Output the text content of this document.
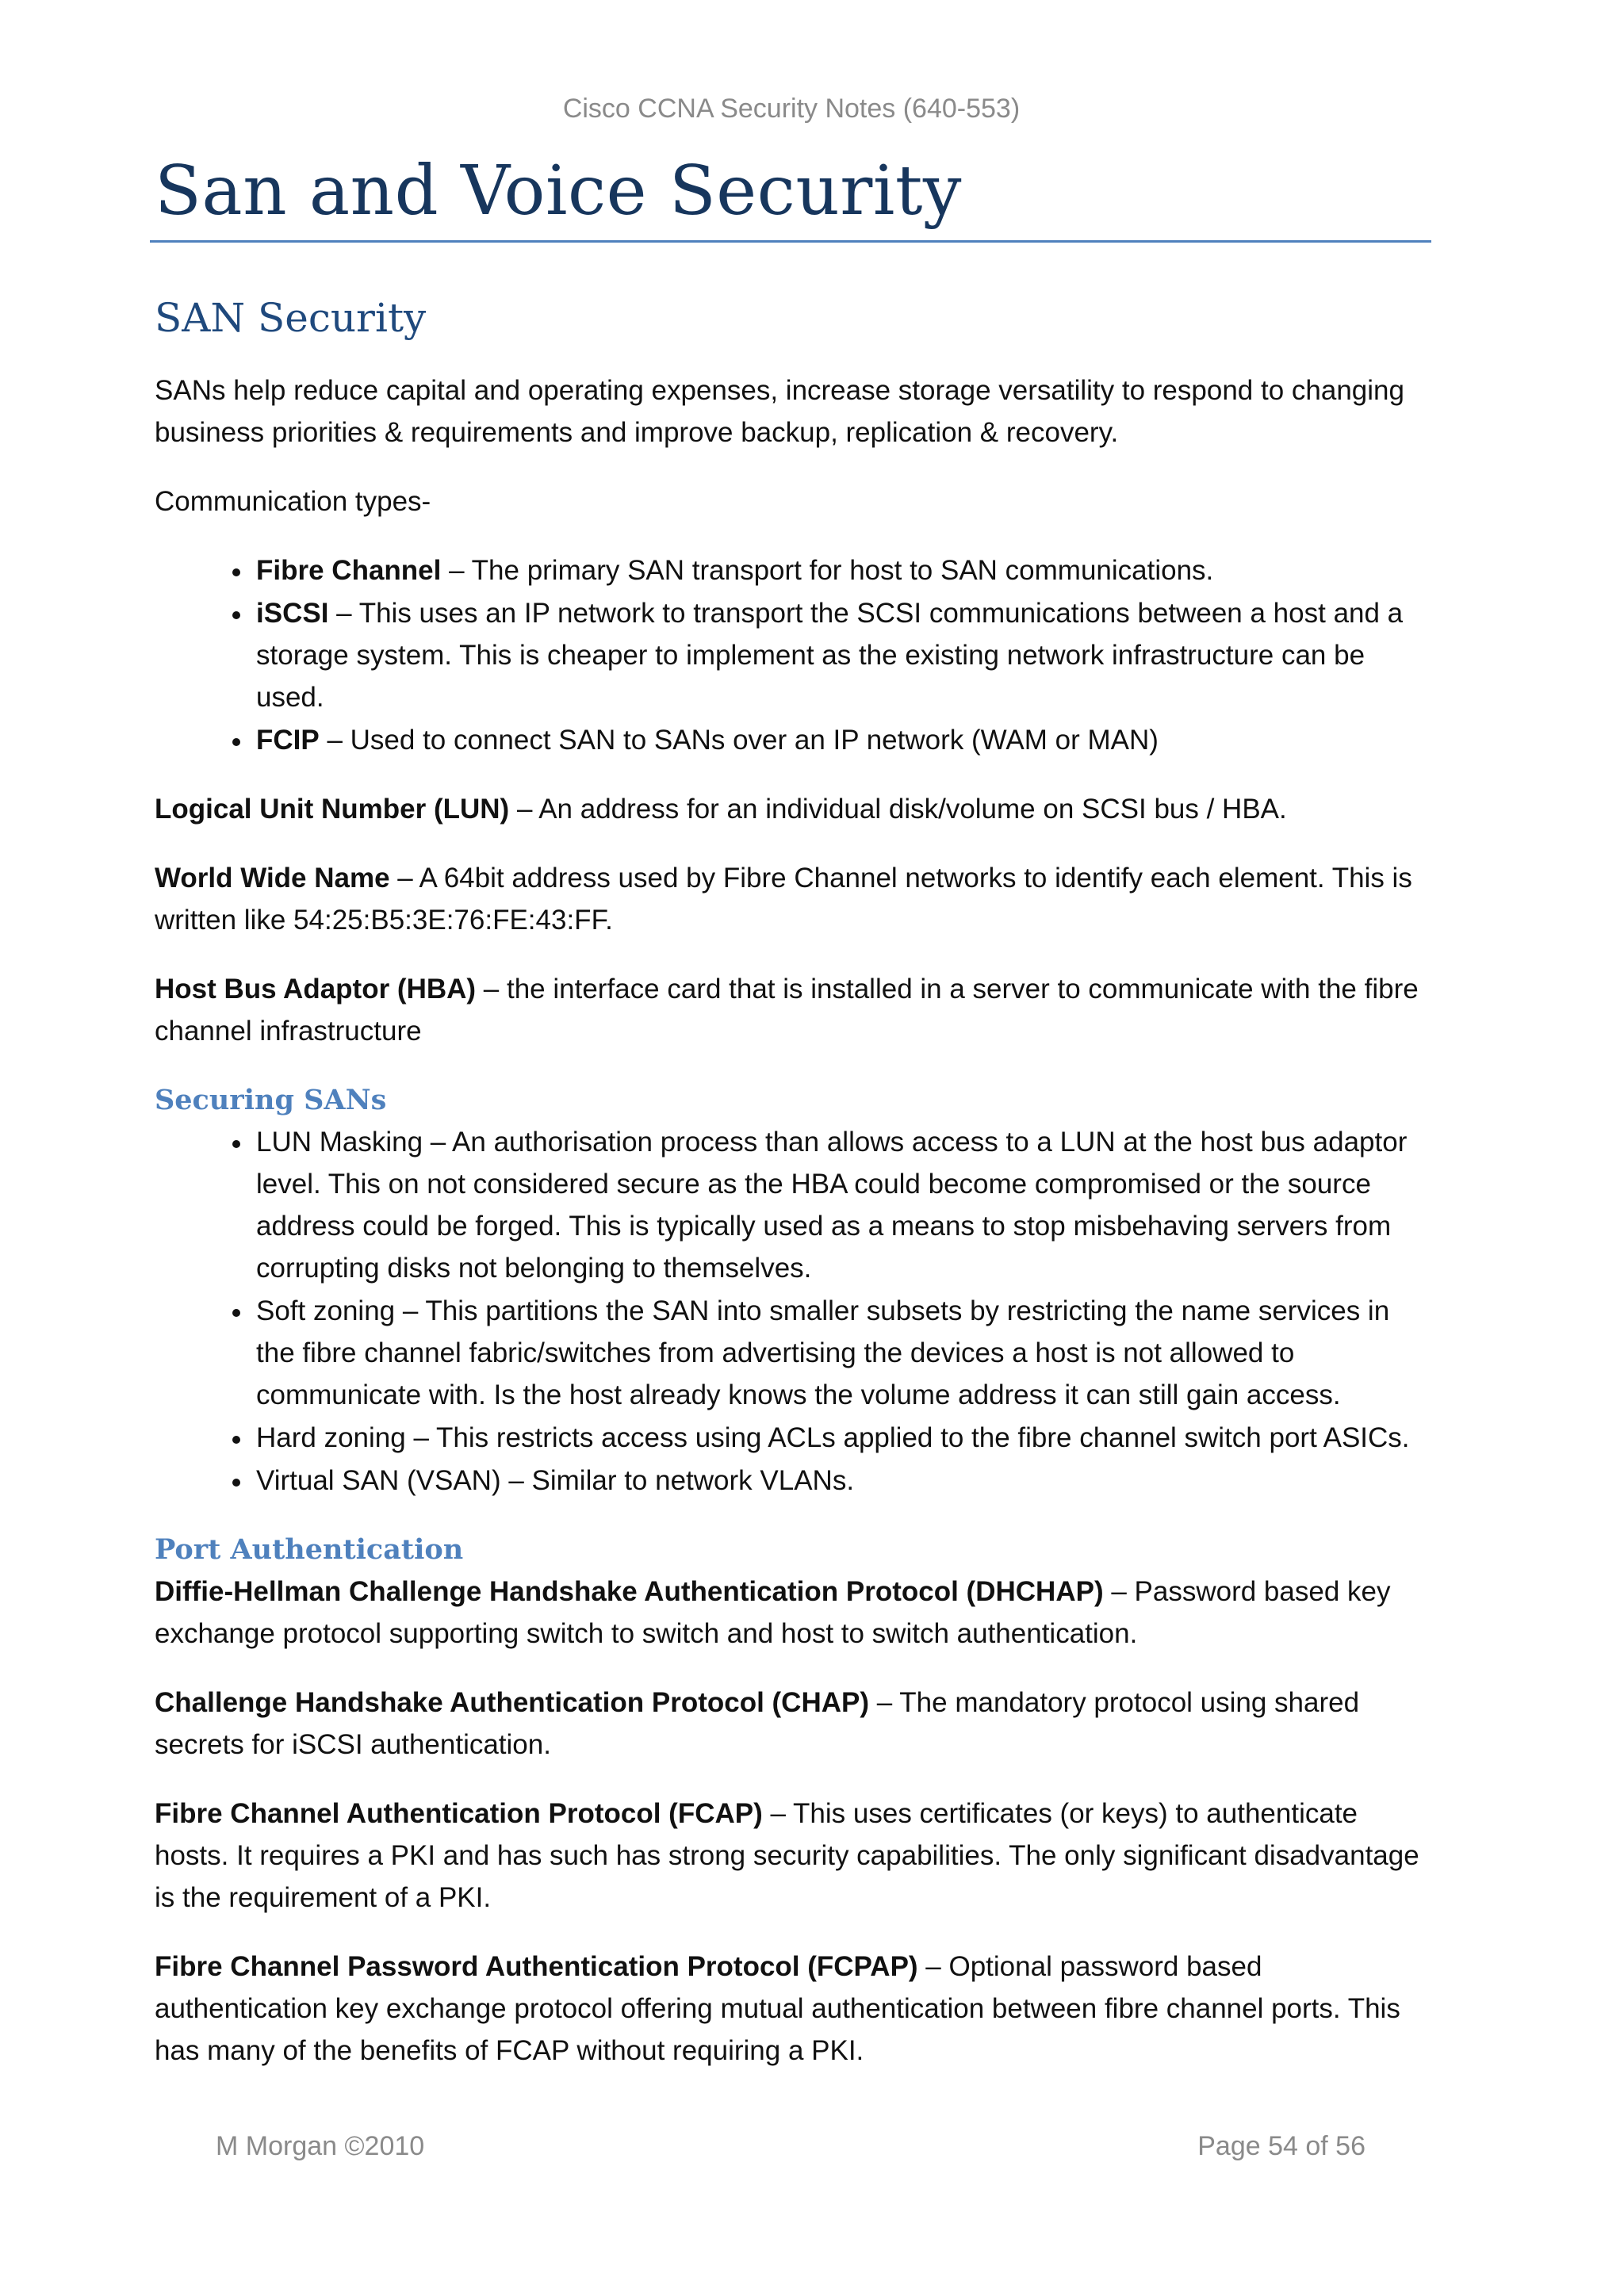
Cisco CCNA Security Notes (640-553)
San and Voice Security
SAN Security

SANs help reduce capital and operating expenses, increase storage versatility to respond to changing business priorities & requirements and improve backup, replication & recovery.

Communication types-

• Fibre Channel – The primary SAN transport for host to SAN communications.
• iSCSI – This uses an IP network to transport the SCSI communications between a host and a storage system. This is cheaper to implement as the existing network infrastructure can be used.
• FCIP – Used to connect SAN to SANs over an IP network (WAM or MAN)

Logical Unit Number (LUN) – An address for an individual disk/volume on SCSI bus / HBA.

World Wide Name – A 64bit address used by Fibre Channel networks to identify each element. This is written like 54:25:B5:3E:76:FE:43:FF.

Host Bus Adaptor (HBA) – the interface card that is installed in a server to communicate with the fibre channel infrastructure

Securing SANs
• LUN Masking – An authorisation process than allows access to a LUN at the host bus adaptor level. This on not considered secure as the HBA could become compromised or the source address could be forged. This is typically used as a means to stop misbehaving servers from corrupting disks not belonging to themselves.
• Soft zoning – This partitions the SAN into smaller subsets by restricting the name services in the fibre channel fabric/switches from advertising the devices a host is not allowed to communicate with. Is the host already knows the volume address it can still gain access.
• Hard zoning – This restricts access using ACLs applied to the fibre channel switch port ASICs.
• Virtual SAN (VSAN) – Similar to network VLANs.
Port Authentication

Diffie-Hellman Challenge Handshake Authentication Protocol (DHCHAP) – Password based key exchange protocol supporting switch to switch and host to switch authentication.

Challenge Handshake Authentication Protocol (CHAP) – The mandatory protocol using shared secrets for iSCSI authentication.

Fibre Channel Authentication Protocol (FCAP) – This uses certificates (or keys) to authenticate hosts. It requires a PKI and has such has strong security capabilities. The only significant disadvantage is the requirement of a PKI.

Fibre Channel Password Authentication Protocol (FCPAP) – Optional password based authentication key exchange protocol offering mutual authentication between fibre channel ports. This has many of the benefits of FCAP without requiring a PKI.

M Morgan ©2010	Page 54 of 56
